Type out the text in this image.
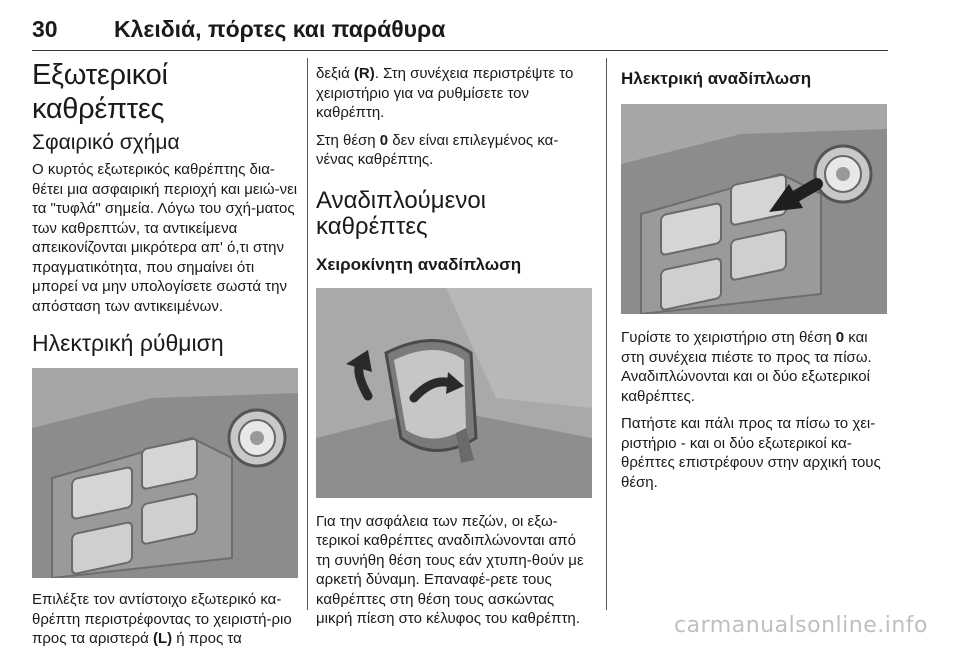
30 Κλειδιά, πόρτες και παράθυρα
Εξωτερικοί καθρέπτες
Σφαιρικό σχήμα

Ο κυρτός εξωτερικός καθρέπτης δια-θέτει μια ασφαιρική περιοχή και μειώ-νει τα "τυφλά" σημεία. Λόγω του σχή-ματος των καθρεπτών, τα αντικείμενα απεικονίζονται μικρότερα απ' ό,τι στην πραγματικότητα, που σημαίνει ότι μπορεί να μην υπολογίσετε σωστά την απόσταση των αντικειμένων.

Ηλεκτρική ρύθμιση

Επιλέξτε τον αντίστοιχο εξωτερικό κα-θρέπτη περιστρέφοντας το χειριστή-ριο προς τα αριστερά (L) ή προς τα

δεξιά (R). Στη συνέχεια περιστρέψτε το χειριστήριο για να ρυθμίσετε τον καθρέπτη.

Στη θέση 0 δεν είναι επιλεγμένος κα-νένας καθρέπτης.

Αναδιπλούμενοι καθρέπτες
Χειροκίνητη αναδίπλωση

Για την ασφάλεια των πεζών, οι εξω-τερικοί καθρέπτες αναδιπλώνονται από τη συνήθη θέση τους εάν χτυπη-θούν με αρκετή δύναμη. Επαναφέ-ρετε τους καθρέπτες στη θέση τους ασκώντας μικρή πίεση στο κέλυφος του καθρέπτη.

Ηλεκτρική αναδίπλωση

Γυρίστε το χειριστήριο στη θέση 0 και στη συνέχεια πιέστε το προς τα πίσω. Αναδιπλώνονται και οι δύο εξωτερικοί καθρέπτες.

Πατήστε και πάλι προς τα πίσω το χει-ριστήριο - και οι δύο εξωτερικοί κα-θρέπτες επιστρέφουν στην αρχική τους θέση.

carmanualsonline.info
